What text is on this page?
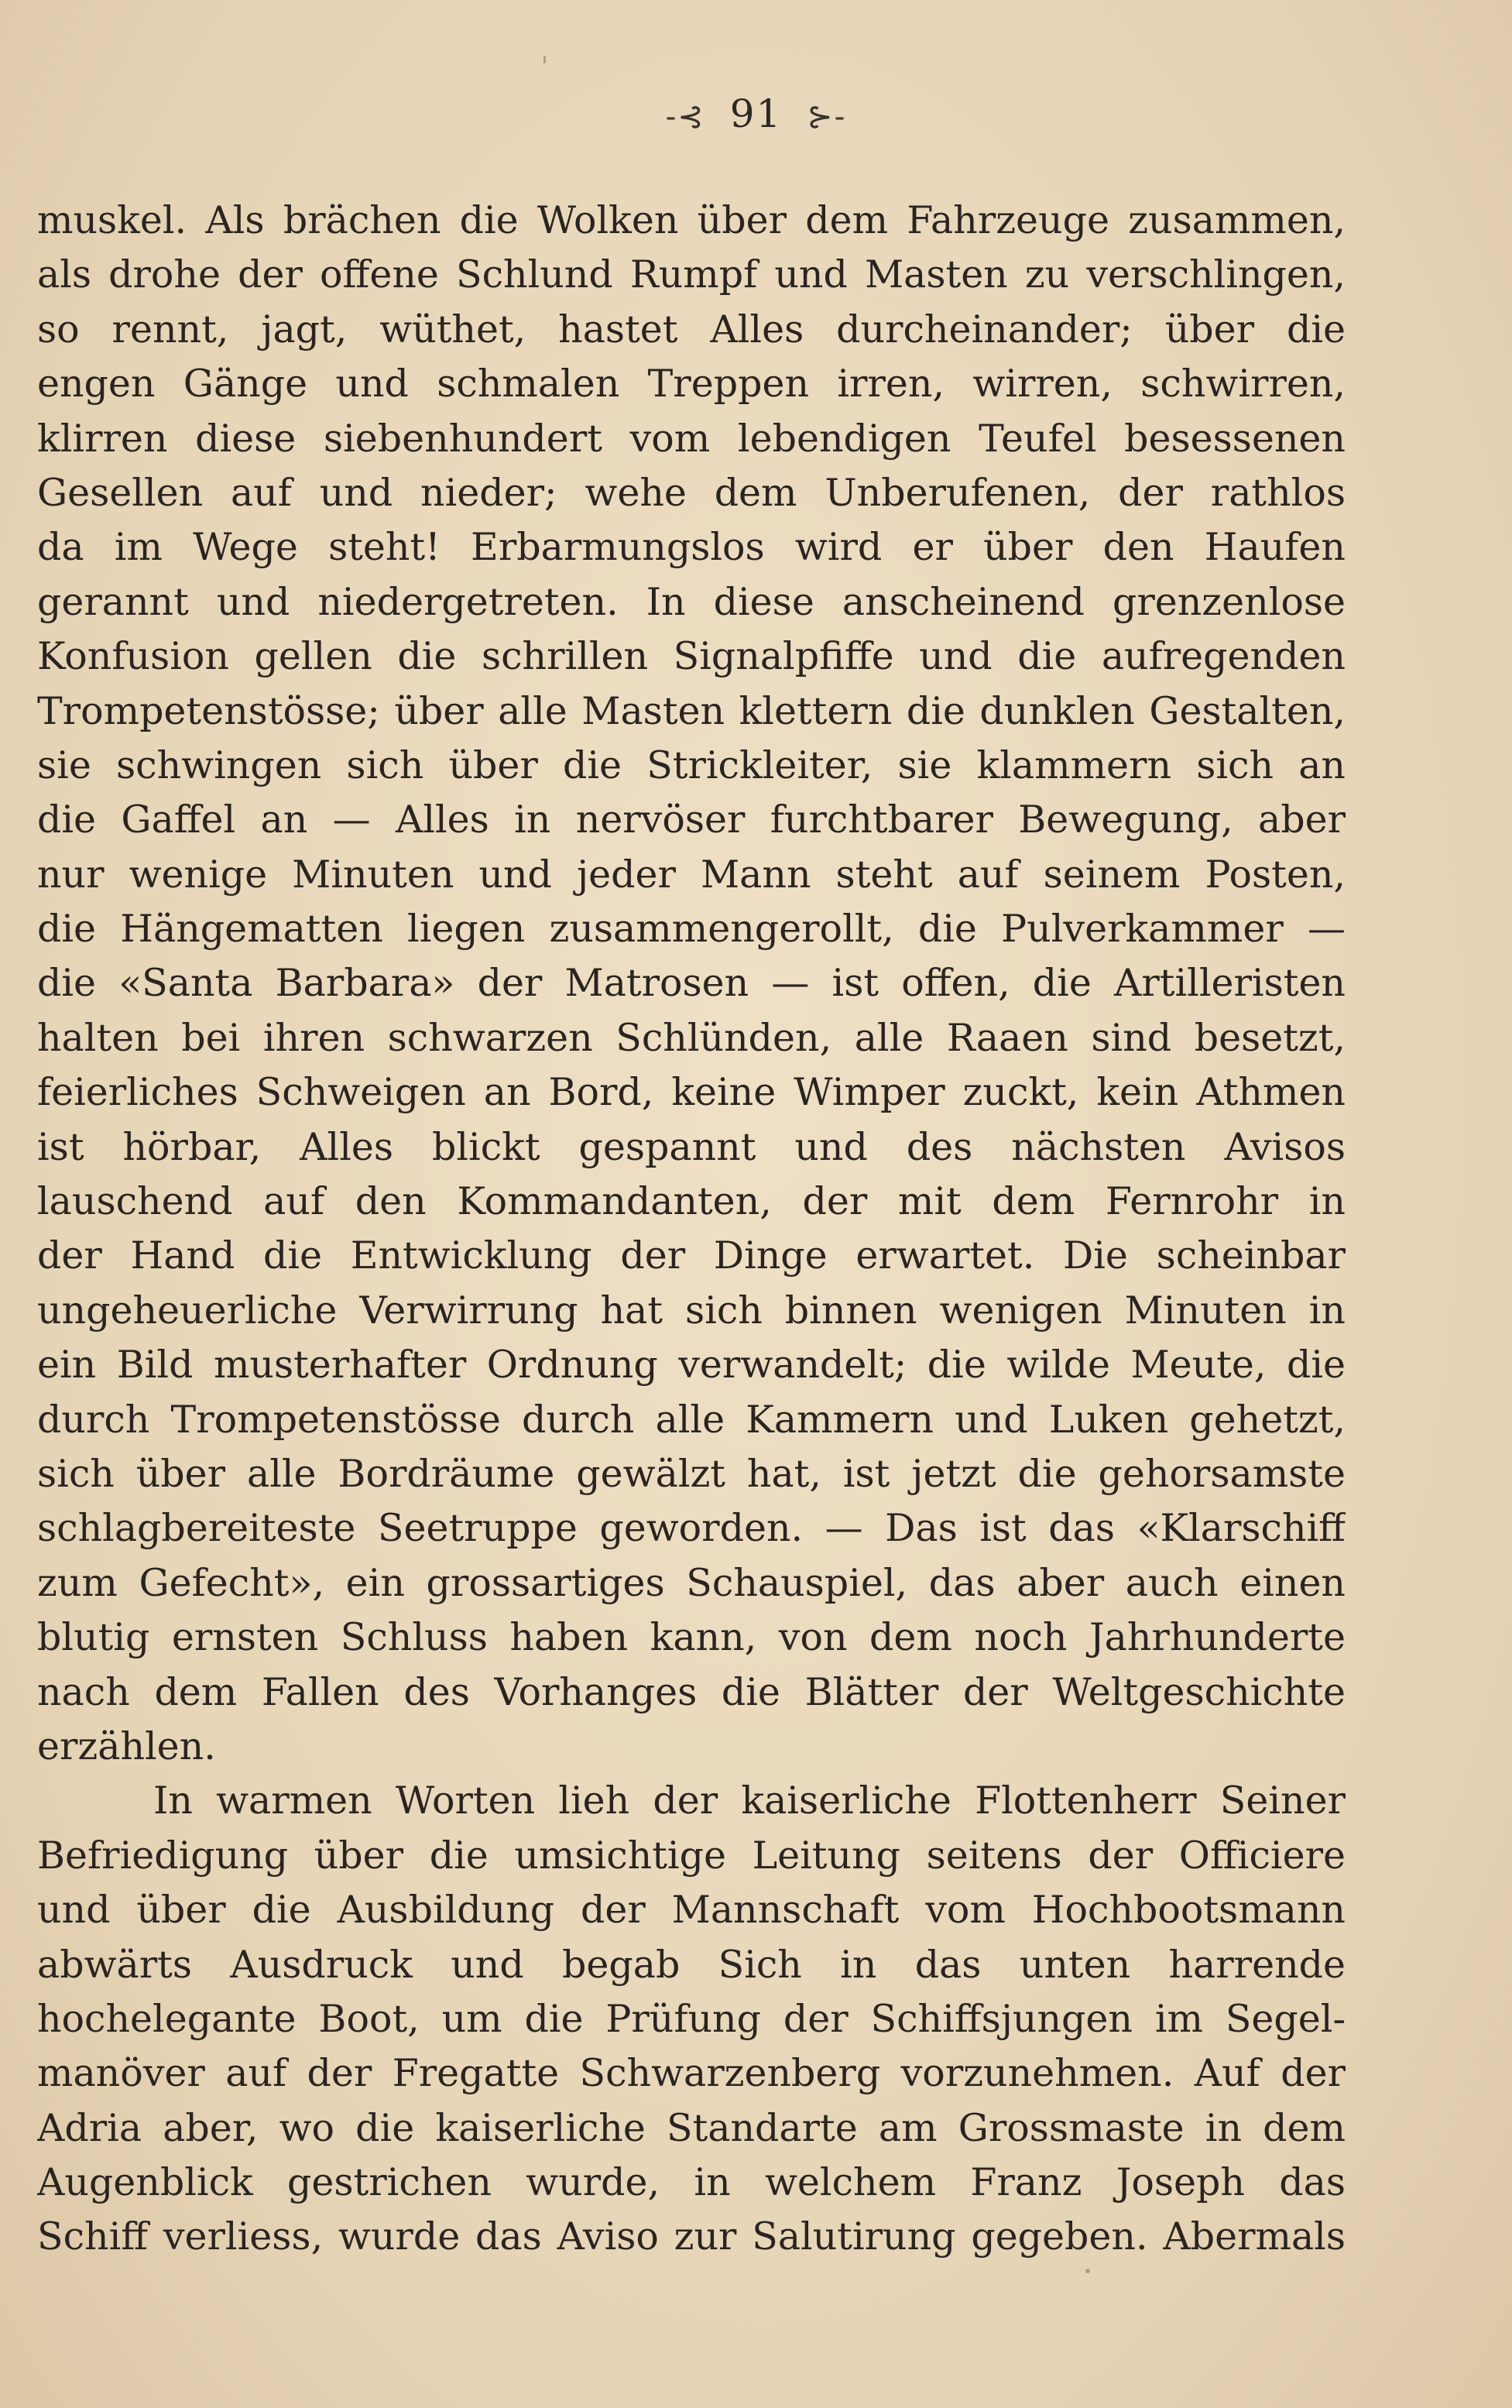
-⊰ 91 ⊱-
muskel. Als brächen die Wolken über dem Fahrzeuge zusammen,
als drohe der offene Schlund Rumpf und Masten zu verschlingen,
so rennt, jagt, wüthet, hastet Alles durcheinander; über die
engen Gänge und schmalen Treppen irren, wirren, schwirren,
klirren diese siebenhundert vom lebendigen Teufel besessenen
Gesellen auf und nieder; wehe dem Unberufenen, der rathlos
da im Wege steht! Erbarmungslos wird er über den Haufen
gerannt und niedergetreten. In diese anscheinend grenzenlose
Konfusion gellen die schrillen Signalpfiffe und die aufregenden
Trompetenstösse; über alle Masten klettern die dunklen Gestalten,
sie schwingen sich über die Strickleiter, sie klammern sich an
die Gaffel an — Alles in nervöser furchtbarer Bewegung, aber
nur wenige Minuten und jeder Mann steht auf seinem Posten,
die Hängematten liegen zusammengerollt, die Pulverkammer —
die «Santa Barbara» der Matrosen — ist offen, die Artilleristen
halten bei ihren schwarzen Schlünden, alle Raaen sind besetzt,
feierliches Schweigen an Bord, keine Wimper zuckt, kein Athmen
ist hörbar, Alles blickt gespannt und des nächsten Avisos
lauschend auf den Kommandanten, der mit dem Fernrohr in
der Hand die Entwicklung der Dinge erwartet. Die scheinbar
ungeheuerliche Verwirrung hat sich binnen wenigen Minuten in
ein Bild musterhafter Ordnung verwandelt; die wilde Meute, die
durch Trompetenstösse durch alle Kammern und Luken gehetzt,
sich über alle Bordräume gewälzt hat, ist jetzt die gehorsamste
schlagbereiteste Seetruppe geworden. — Das ist das «Klarschiff
zum Gefecht», ein grossartiges Schauspiel, das aber auch einen
blutig ernsten Schluss haben kann, von dem noch Jahrhunderte
nach dem Fallen des Vorhanges die Blätter der Weltgeschichte
erzählen.
In warmen Worten lieh der kaiserliche Flottenherr Seiner
Befriedigung über die umsichtige Leitung seitens der Officiere
und über die Ausbildung der Mannschaft vom Hochbootsmann
abwärts Ausdruck und begab Sich in das unten harrende
hochelegante Boot, um die Prüfung der Schiffsjungen im Segel-
manöver auf der Fregatte Schwarzenberg vorzunehmen. Auf der
Adria aber, wo die kaiserliche Standarte am Grossmaste in dem
Augenblick gestrichen wurde, in welchem Franz Joseph das
Schiff verliess, wurde das Aviso zur Salutirung gegeben. Abermals
